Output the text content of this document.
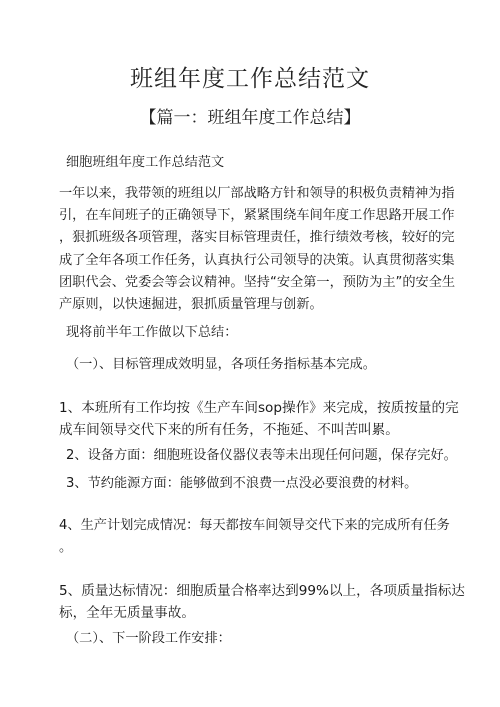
班组年度工作总结范文
【篇一：班组年度工作总结】

细胞班组年度工作总结范文

一年以来，我带领的班组以厂部战略方针和领导的积极负责精神为指
引，在车间班子的正确领导下，紧紧围绕车间年度工作思路开展工作
，狠抓班级各项管理，落实目标管理责任，推行绩效考核，较好的完
成了全年各项工作任务，认真执行公司领导的决策。认真贯彻落实集
团职代会、党委会等会议精神。坚持“安全第一，预防为主”的安全生
产原则，以快速掘进，狠抓质量管理与创新。

现将前半年工作做以下总结：

（一）、目标管理成效明显，各项任务指标基本完成。

1、本班所有工作均按《生产车间sop操作》来完成，按质按量的完
成车间领导交代下来的所有任务，不拖延、不叫苦叫累。

2、设备方面：细胞班设备仪器仪表等未出现任何问题，保存完好。

3、节约能源方面：能够做到不浪费一点没必要浪费的材料。

4、生产计划完成情况：每天都按车间领导交代下来的完成所有任务
。

5、质量达标情况：细胞质量合格率达到99%以上，各项质量指标达
标，全年无质量事故。

（二）、下一阶段工作安排：
